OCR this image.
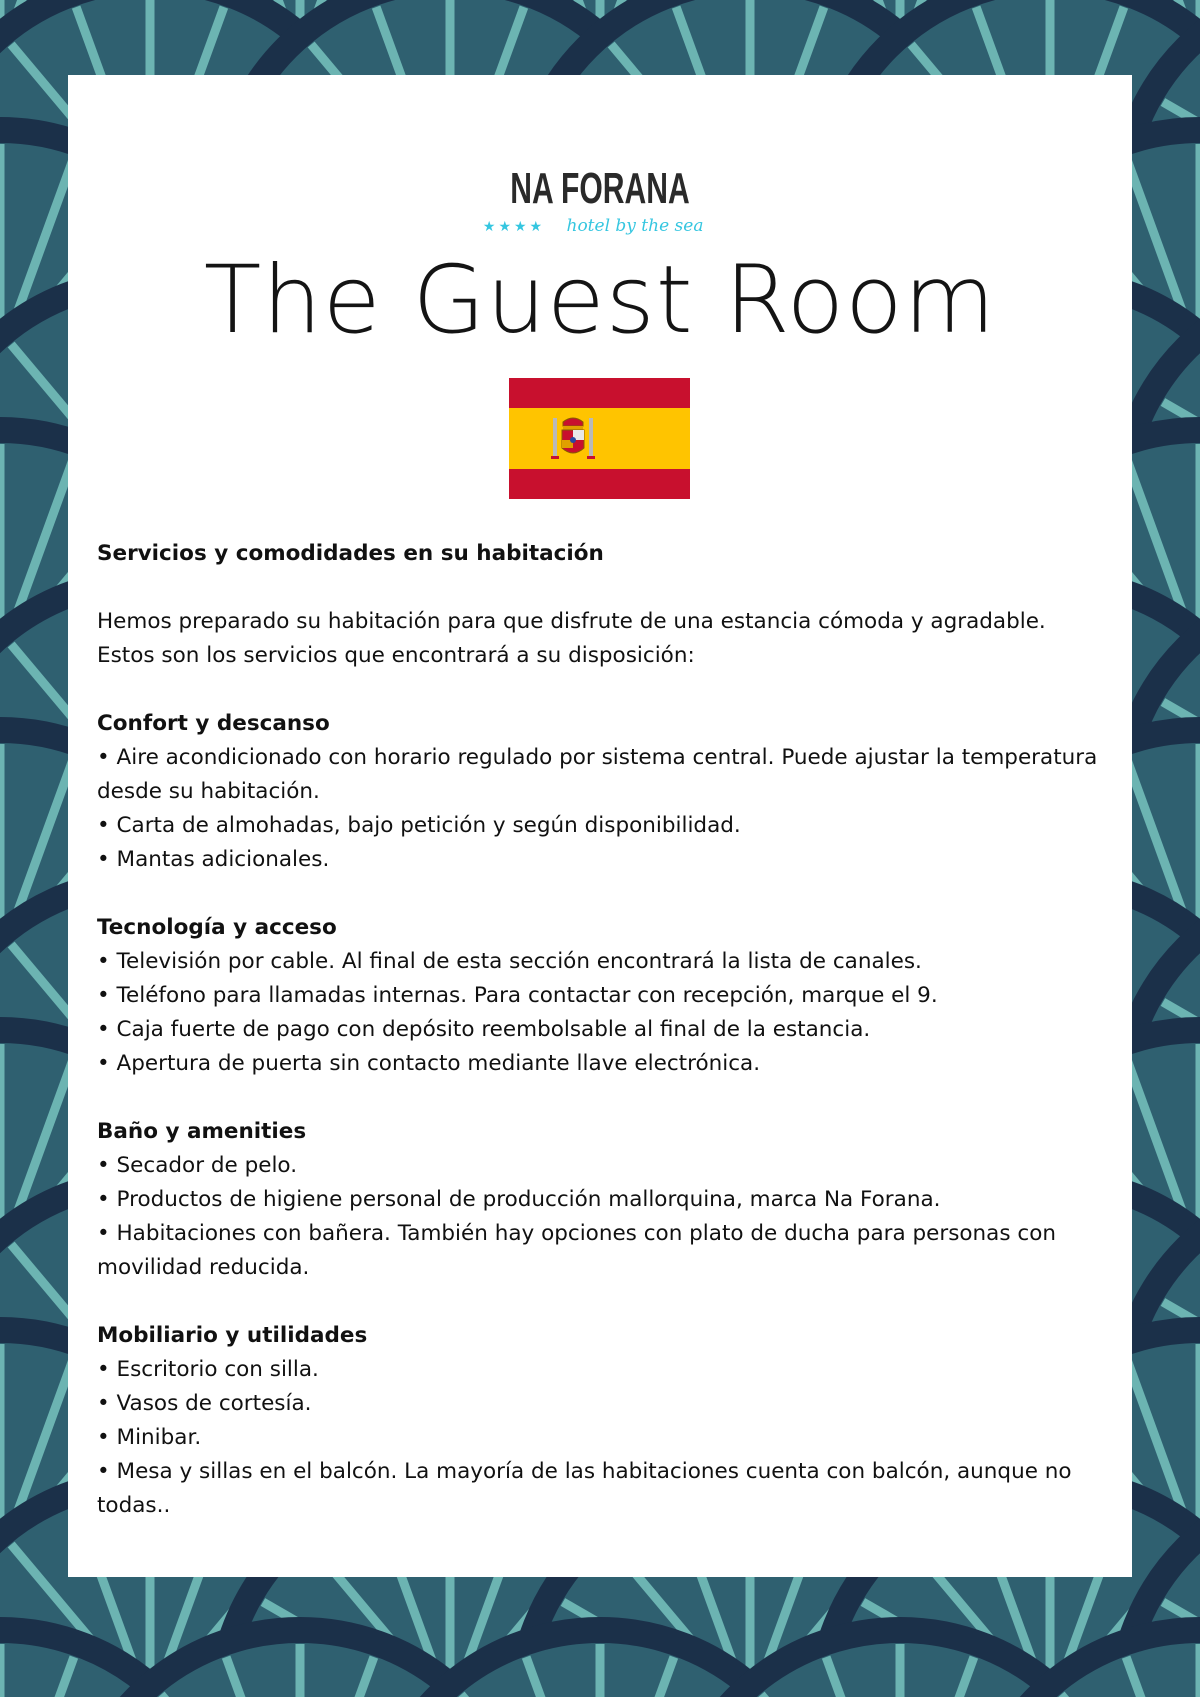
NA FORANA
★★★★ hotel by the sea
The Guest Room
Servicios y comodidades en su habitación

Hemos preparado su habitación para que disfrute de una estancia cómoda y agradable. Estos son los servicios que encontrará a su disposición:

Confort y descanso
• Aire acondicionado con horario regulado por sistema central. Puede ajustar la temperatura desde su habitación.
• Carta de almohadas, bajo petición y según disponibilidad.
• Mantas adicionales.
Tecnología y acceso
• Televisión por cable. Al final de esta sección encontrará la lista de canales.
• Teléfono para llamadas internas. Para contactar con recepción, marque el 9.
• Caja fuerte de pago con depósito reembolsable al final de la estancia.
• Apertura de puerta sin contacto mediante llave electrónica.
Baño y amenities
• Secador de pelo.
• Productos de higiene personal de producción mallorquina, marca Na Forana.
• Habitaciones con bañera. También hay opciones con plato de ducha para personas con movilidad reducida.
Mobiliario y utilidades
• Escritorio con silla.
• Vasos de cortesía.
• Minibar.
• Mesa y sillas en el balcón. La mayoría de las habitaciones cuenta con balcón, aunque no todas..
